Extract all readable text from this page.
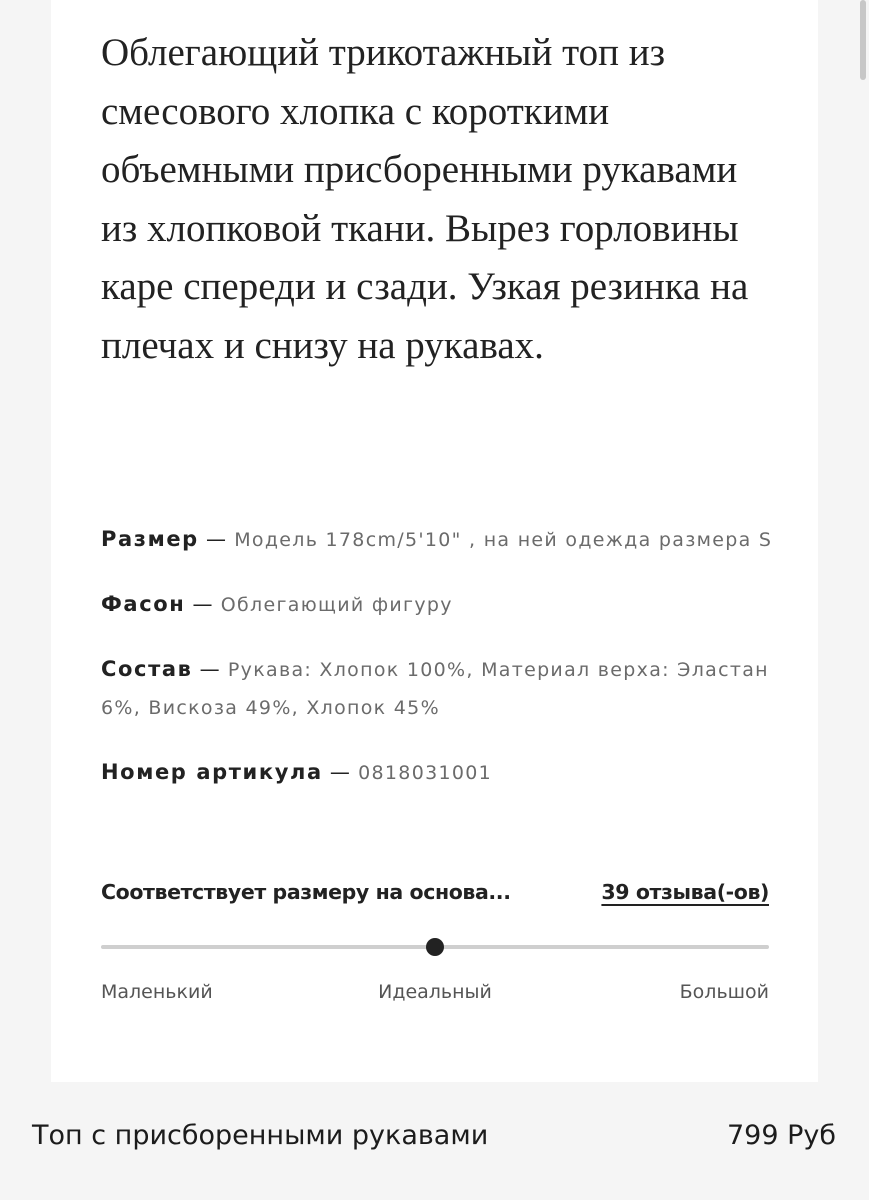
Облегающий трикотажный топ из смесового хлопка с короткими объемными присборенными рукавами из хлопковой ткани. Вырез горловины каре спереди и сзади. Узкая резинка на плечах и снизу на рукавах.

Размер — Модель 178cm/5'10" , на ней одежда размера S
Фасон — Облегающий фигуру
Состав — Рукава: Хлопок 100%, Материал верха: Эластан 6%, Вискоза 49%, Хлопок 45%
Номер артикула — 0818031001
Соответствует размеру на основа...	39 отзыва(-ов)
Маленький	Идеальный	Большой
Топ с присборенными рукавами	799 Руб
